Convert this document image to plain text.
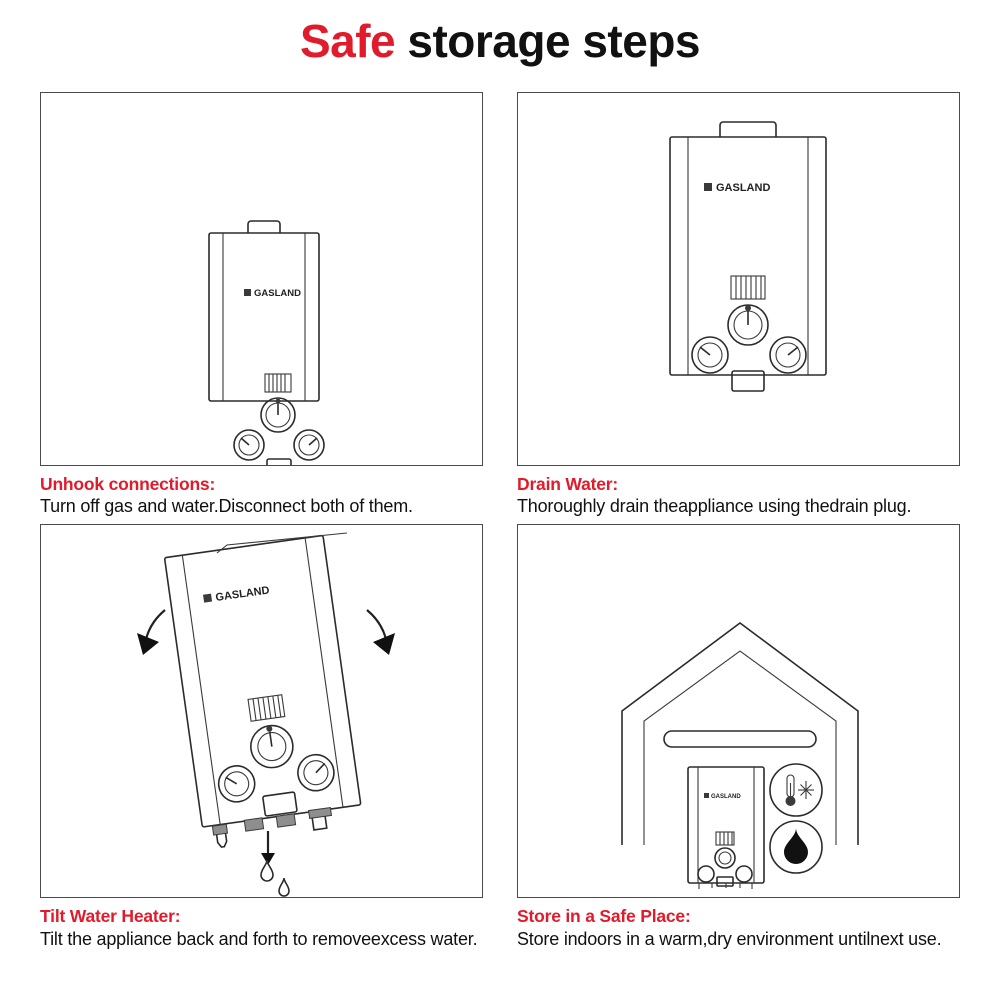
Safe storage steps
GASLAND
Unhook connections:
Turn off gas and water.Disconnect both of them.
GASLAND
Drain Water:
Thoroughly drain theappliance using thedrain plug.
GASLAND
Tilt Water Heater:
Tilt the appliance back and forth to removeexcess water.
GASLAND
Store in a Safe Place:
Store indoors in a warm,dry environment untilnext use.
